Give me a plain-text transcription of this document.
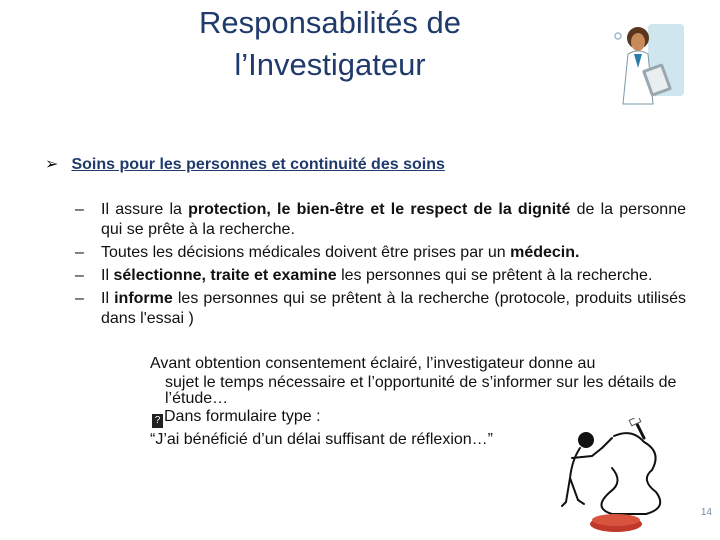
Responsabilités de
l’Investigateur
➢ Soins pour les personnes et continuité des soins
– Il assure la protection, le bien-être et le respect de la dignité de la personne qui se prête à la recherche.
– Toutes les décisions médicales doivent être prises par un médecin.
– Il sélectionne, traite et examine les personnes qui se prêtent à la recherche.
– Il informe les personnes qui se prêtent à la recherche (protocole, produits utilisés dans l'essai )
Avant obtention consentement éclairé, l’investigateur donne au
sujet le temps nécessaire et l’opportunité de s’informer sur les détails de l’étude…
? Dans formulaire type :
“J’ai bénéficié d’un délai suffisant de réflexion…”
14
